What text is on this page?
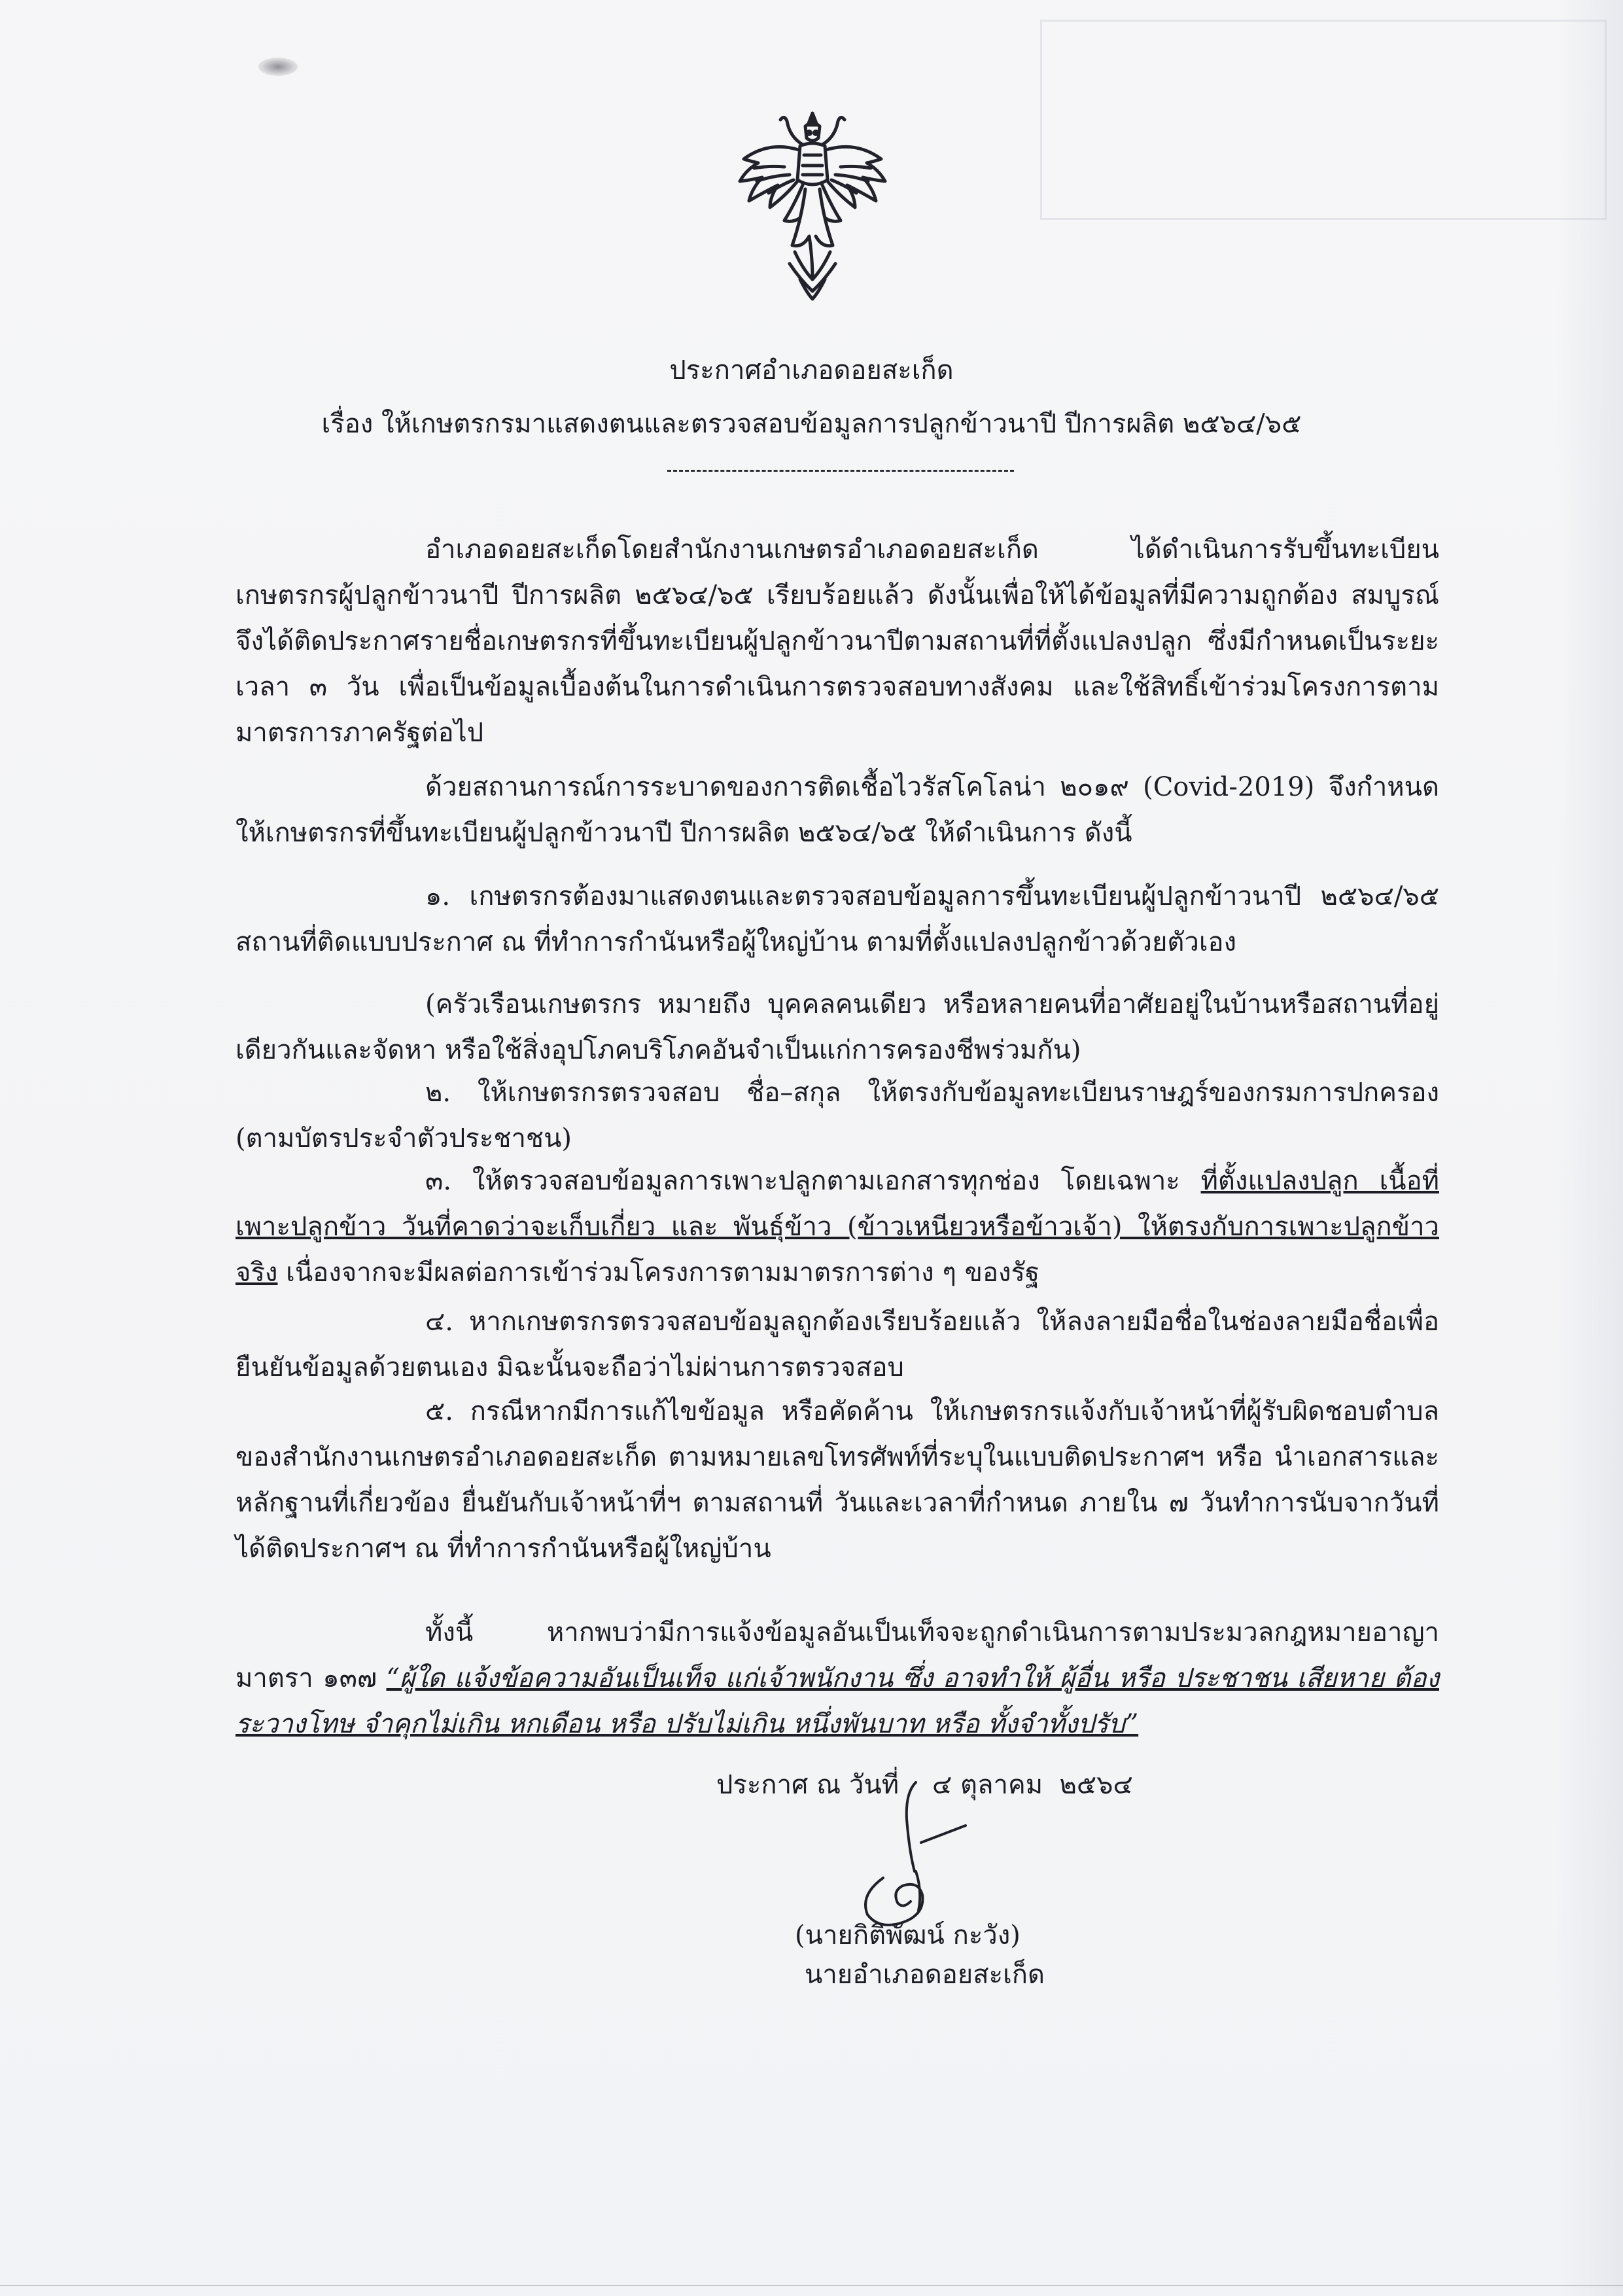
ประกาศอำเภอดอยสะเก็ด
เรื่อง ให้เกษตรกรมาแสดงตนและตรวจสอบข้อมูลการปลูกข้าวนาปี ปีการผลิต ๒๕๖๔/๖๕
อำเภอดอยสะเก็ดโดยสำนักงานเกษตรอำเภอดอยสะเก็ด ได้ดำเนินการรับขึ้นทะเบียนเกษตรกรผู้ปลูกข้าวนาปี ปีการผลิต ๒๕๖๔/๖๕ เรียบร้อยแล้ว ดังนั้นเพื่อให้ได้ข้อมูลที่มีความถูกต้อง สมบูรณ์ จึงได้ติดประกาศรายชื่อเกษตรกรที่ขึ้นทะเบียนผู้ปลูกข้าวนาปีตามสถานที่ที่ตั้งแปลงปลูก ซึ่งมีกำหนดเป็นระยะเวลา ๓ วัน เพื่อเป็นข้อมูลเบื้องต้นในการดำเนินการตรวจสอบทางสังคม และใช้สิทธิ์เข้าร่วมโครงการตามมาตรการภาครัฐต่อไป
ด้วยสถานการณ์การระบาดของการติดเชื้อไวรัสโคโลน่า ๒๐๑๙ (Covid-2019) จึงกำหนดให้เกษตรกรที่ขึ้นทะเบียนผู้ปลูกข้าวนาปี ปีการผลิต ๒๕๖๔/๖๕ ให้ดำเนินการ ดังนี้
๑. เกษตรกรต้องมาแสดงตนและตรวจสอบข้อมูลการขึ้นทะเบียนผู้ปลูกข้าวนาปี ๒๕๖๔/๖๕ สถานที่ติดแบบประกาศ ณ ที่ทำการกำนันหรือผู้ใหญ่บ้าน ตามที่ตั้งแปลงปลูกข้าวด้วยตัวเอง
(ครัวเรือนเกษตรกร หมายถึง บุคคลคนเดียว หรือหลายคนที่อาศัยอยู่ในบ้านหรือสถานที่อยู่เดียวกันและจัดหา หรือใช้สิ่งอุปโภคบริโภคอันจำเป็นแก่การครองชีพร่วมกัน)
๒. ให้เกษตรกรตรวจสอบ ชื่อ–สกุล ให้ตรงกับข้อมูลทะเบียนราษฎร์ของกรมการปกครอง (ตามบัตรประจำตัวประชาชน)
๓. ให้ตรวจสอบข้อมูลการเพาะปลูกตามเอกสารทุกช่อง โดยเฉพาะ ที่ตั้งแปลงปลูก เนื้อที่เพาะปลูกข้าว วันที่คาดว่าจะเก็บเกี่ยว และ พันธุ์ข้าว (ข้าวเหนียวหรือข้าวเจ้า) ให้ตรงกับการเพาะปลูกข้าวจริง เนื่องจากจะมีผลต่อการเข้าร่วมโครงการตามมาตรการต่าง ๆ ของรัฐ
๔. หากเกษตรกรตรวจสอบข้อมูลถูกต้องเรียบร้อยแล้ว ให้ลงลายมือชื่อในช่องลายมือชื่อเพื่อยืนยันข้อมูลด้วยตนเอง มิฉะนั้นจะถือว่าไม่ผ่านการตรวจสอบ
๕. กรณีหากมีการแก้ไขข้อมูล หรือคัดค้าน ให้เกษตรกรแจ้งกับเจ้าหน้าที่ผู้รับผิดชอบตำบลของสำนักงานเกษตรอำเภอดอยสะเก็ด ตามหมายเลขโทรศัพท์ที่ระบุในแบบติดประกาศฯ หรือ นำเอกสารและหลักฐานที่เกี่ยวข้อง ยื่นยันกับเจ้าหน้าที่ฯ ตามสถานที่ วันและเวลาที่กำหนด ภายใน ๗ วันทำการนับจากวันที่ได้ติดประกาศฯ ณ ที่ทำการกำนันหรือผู้ใหญ่บ้าน
ทั้งนี้ หากพบว่ามีการแจ้งข้อมูลอันเป็นเท็จจะถูกดำเนินการตามประมวลกฎหมายอาญา มาตรา ๑๓๗ “ผู้ใด แจ้งข้อความอันเป็นเท็จ แก่เจ้าพนักงาน ซึ่ง อาจทำให้ ผู้อื่น หรือ ประชาชน เสียหาย ต้องระวางโทษ จำคุกไม่เกิน หกเดือน หรือ ปรับไม่เกิน หนึ่งพันบาท หรือ ทั้งจำทั้งปรับ”
ประกาศ ณ วันที่    ๔ ตุลาคม  ๒๕๖๔
(นายกิติพัฒน์ กะวัง)
นายอำเภอดอยสะเก็ด
